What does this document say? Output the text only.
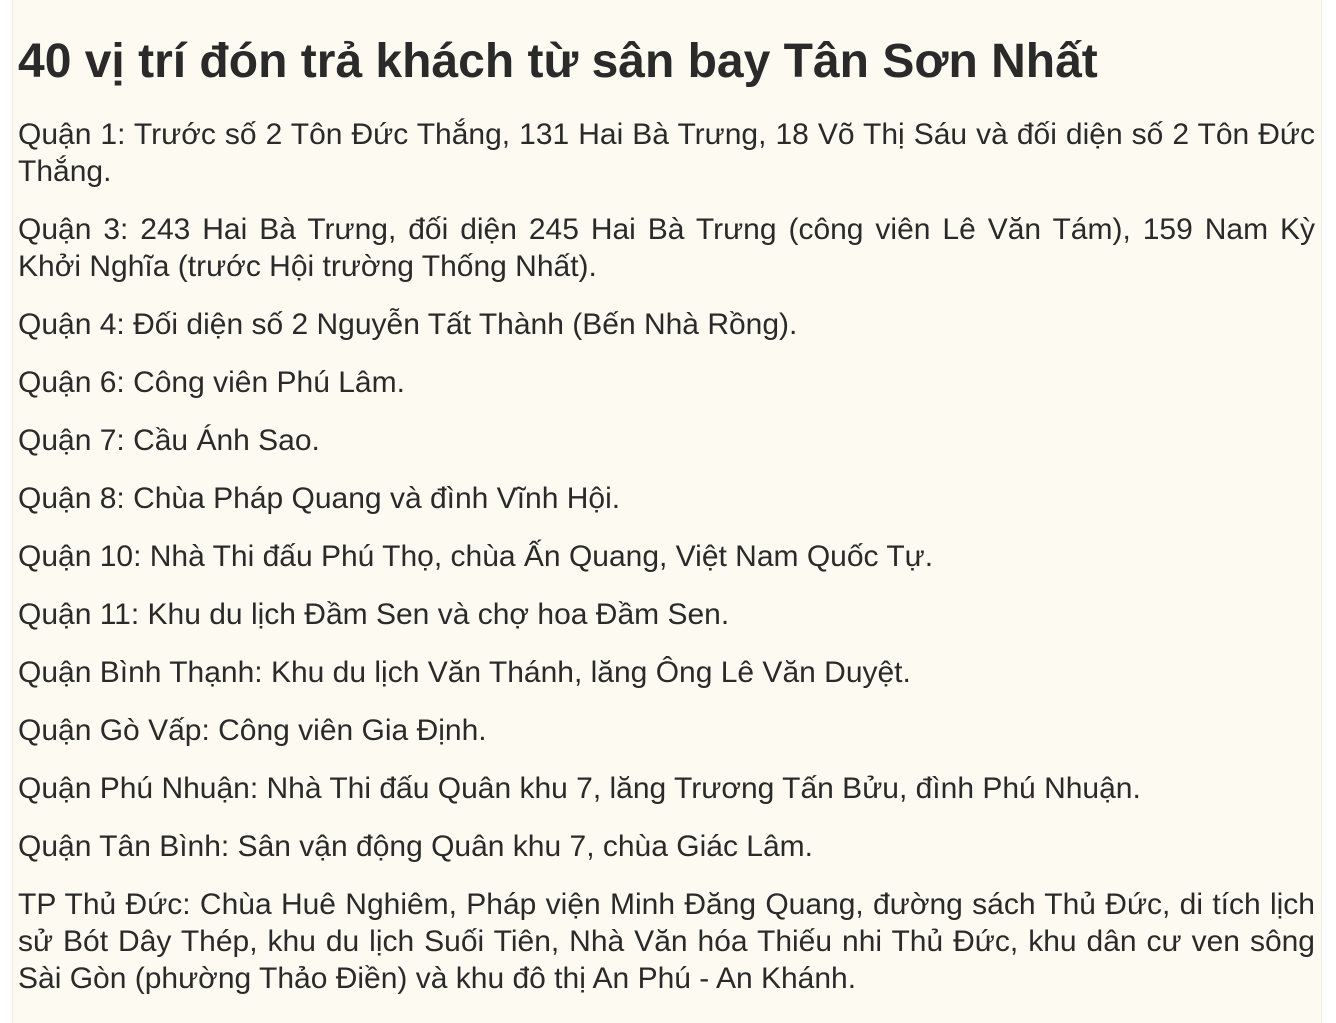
40 vị trí đón trả khách từ sân bay Tân Sơn Nhất

Quận 1: Trước số 2 Tôn Đức Thắng, 131 Hai Bà Trưng, 18 Võ Thị Sáu và đối diện số 2 Tôn Đức Thắng.

Quận 3: 243 Hai Bà Trưng, đối diện 245 Hai Bà Trưng (công viên Lê Văn Tám), 159 Nam Kỳ Khởi Nghĩa (trước Hội trường Thống Nhất).

Quận 4: Đối diện số 2 Nguyễn Tất Thành (Bến Nhà Rồng).

Quận 6: Công viên Phú Lâm.

Quận 7: Cầu Ánh Sao.

Quận 8: Chùa Pháp Quang và đình Vĩnh Hội.

Quận 10: Nhà Thi đấu Phú Thọ, chùa Ấn Quang, Việt Nam Quốc Tự.

Quận 11: Khu du lịch Đầm Sen và chợ hoa Đầm Sen.

Quận Bình Thạnh: Khu du lịch Văn Thánh, lăng Ông Lê Văn Duyệt.

Quận Gò Vấp: Công viên Gia Định.

Quận Phú Nhuận: Nhà Thi đấu Quân khu 7, lăng Trương Tấn Bửu, đình Phú Nhuận.

Quận Tân Bình: Sân vận động Quân khu 7, chùa Giác Lâm.

TP Thủ Đức: Chùa Huê Nghiêm, Pháp viện Minh Đăng Quang, đường sách Thủ Đức, di tích lịch sử Bót Dây Thép, khu du lịch Suối Tiên, Nhà Văn hóa Thiếu nhi Thủ Đức, khu dân cư ven sông Sài Gòn (phường Thảo Điền) và khu đô thị An Phú - An Khánh.
